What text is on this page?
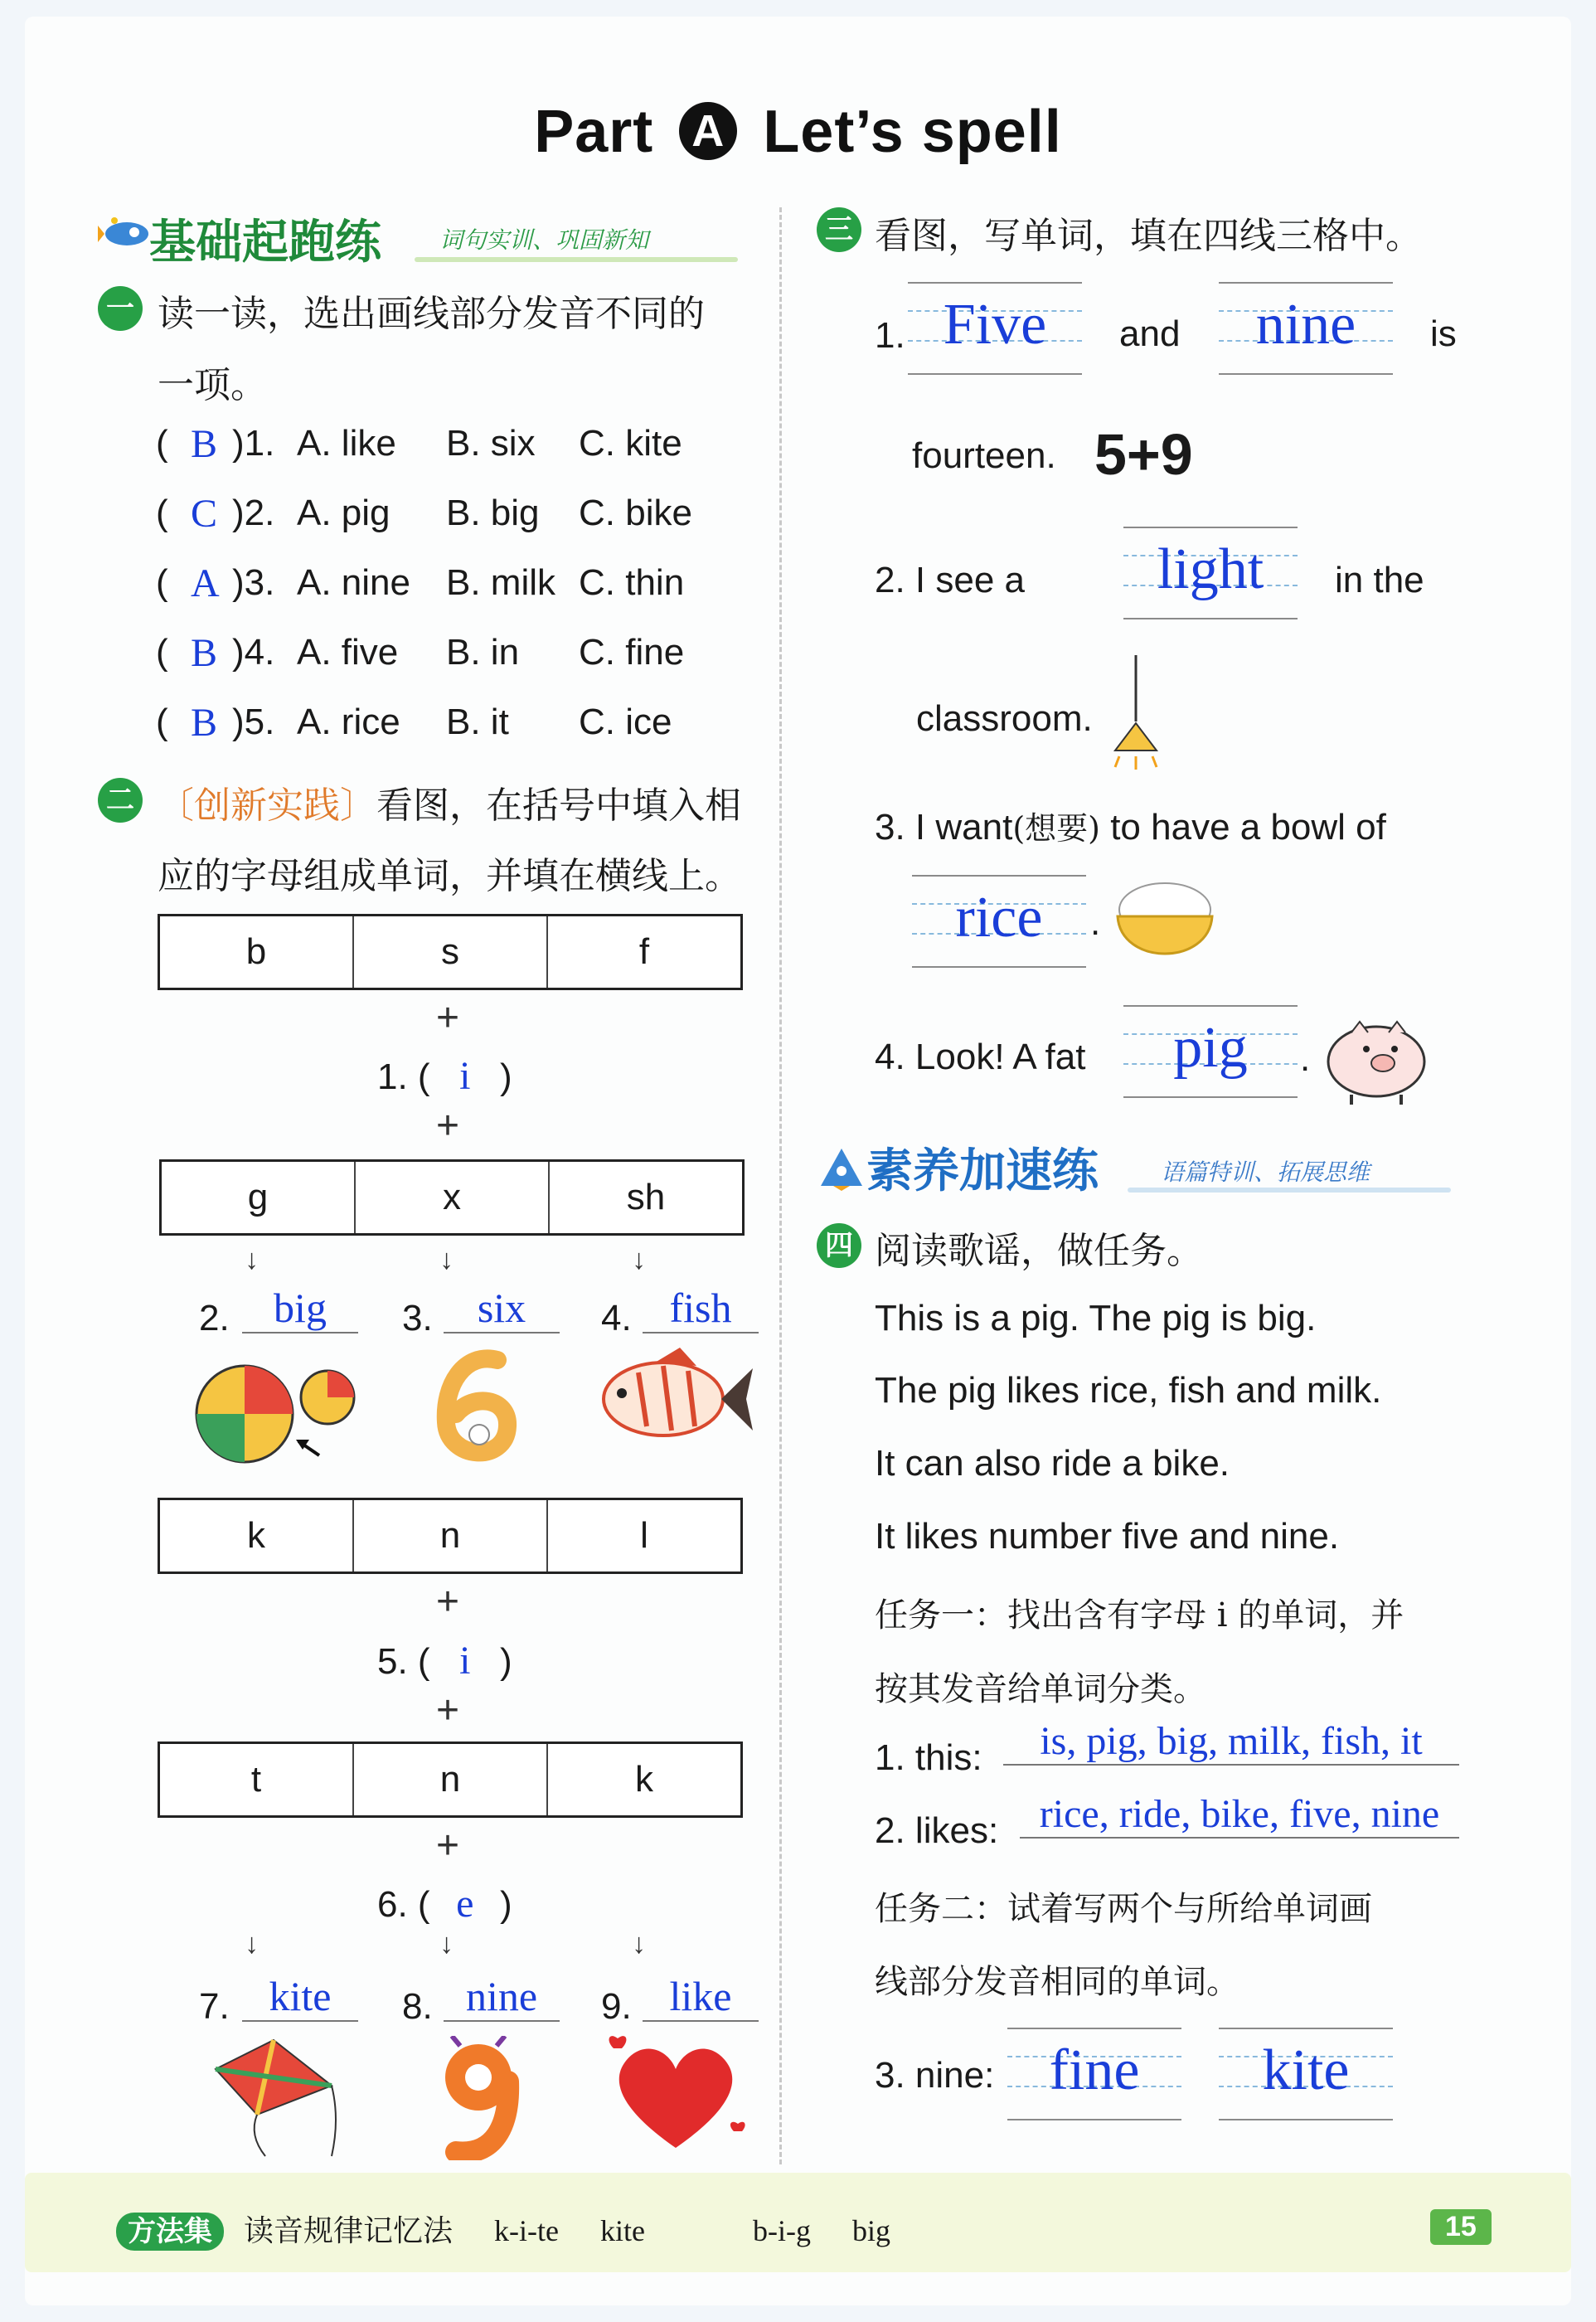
Part A Let’s spell
基础起跑练	词句实训、巩固新知
一 读一读，选出画线部分发音不同的
一项。
( B )1. A. like B. six C. kite
( C )2. A. pig B. big C. bike
( A )3. A. nine B. milk C. thin
( B )4. A. five B. in C. fine
( B )5. A. rice B. it C. ice
二 〔创新实践〕看图，在括号中填入相
应的字母组成单词，并填在横线上。
b	s	f
+
1. ( i )
+
g	x	sh
↓	↓	↓
2.	big	3.	six	4. fish
k	n	l
+
5. ( i )
+
t	n	k
+
6. ( e )
↓	↓	↓
7. kite	8. nine	9. like
三 看图，写单词，填在四线三格中。
1. Five	and	nine	is
fourteen. 5+9
2. I see a	light	in the
classroom.
3. I want(想要) to have a bowl of
rice	.
4. Look! A fat	pig	.
素养加速练	语篇特训、拓展思维
四 阅读歌谣，做任务。
This is a pig. The pig is big.
The pig likes rice, fish and milk.
It can also ride a bike.
It likes number five and nine.
任务一：找出含有字母 i 的单词，并
按其发音给单词分类。
1. this:	is, pig, big, milk, fish, it
2. likes:	rice, ride, bike, five, nine
任务二：试着写两个与所给单词画
线部分发音相同的单词。
3. nine: fine	kite
方法集 读音规律记忆法 k-i-te kite	b-i-g big	15
